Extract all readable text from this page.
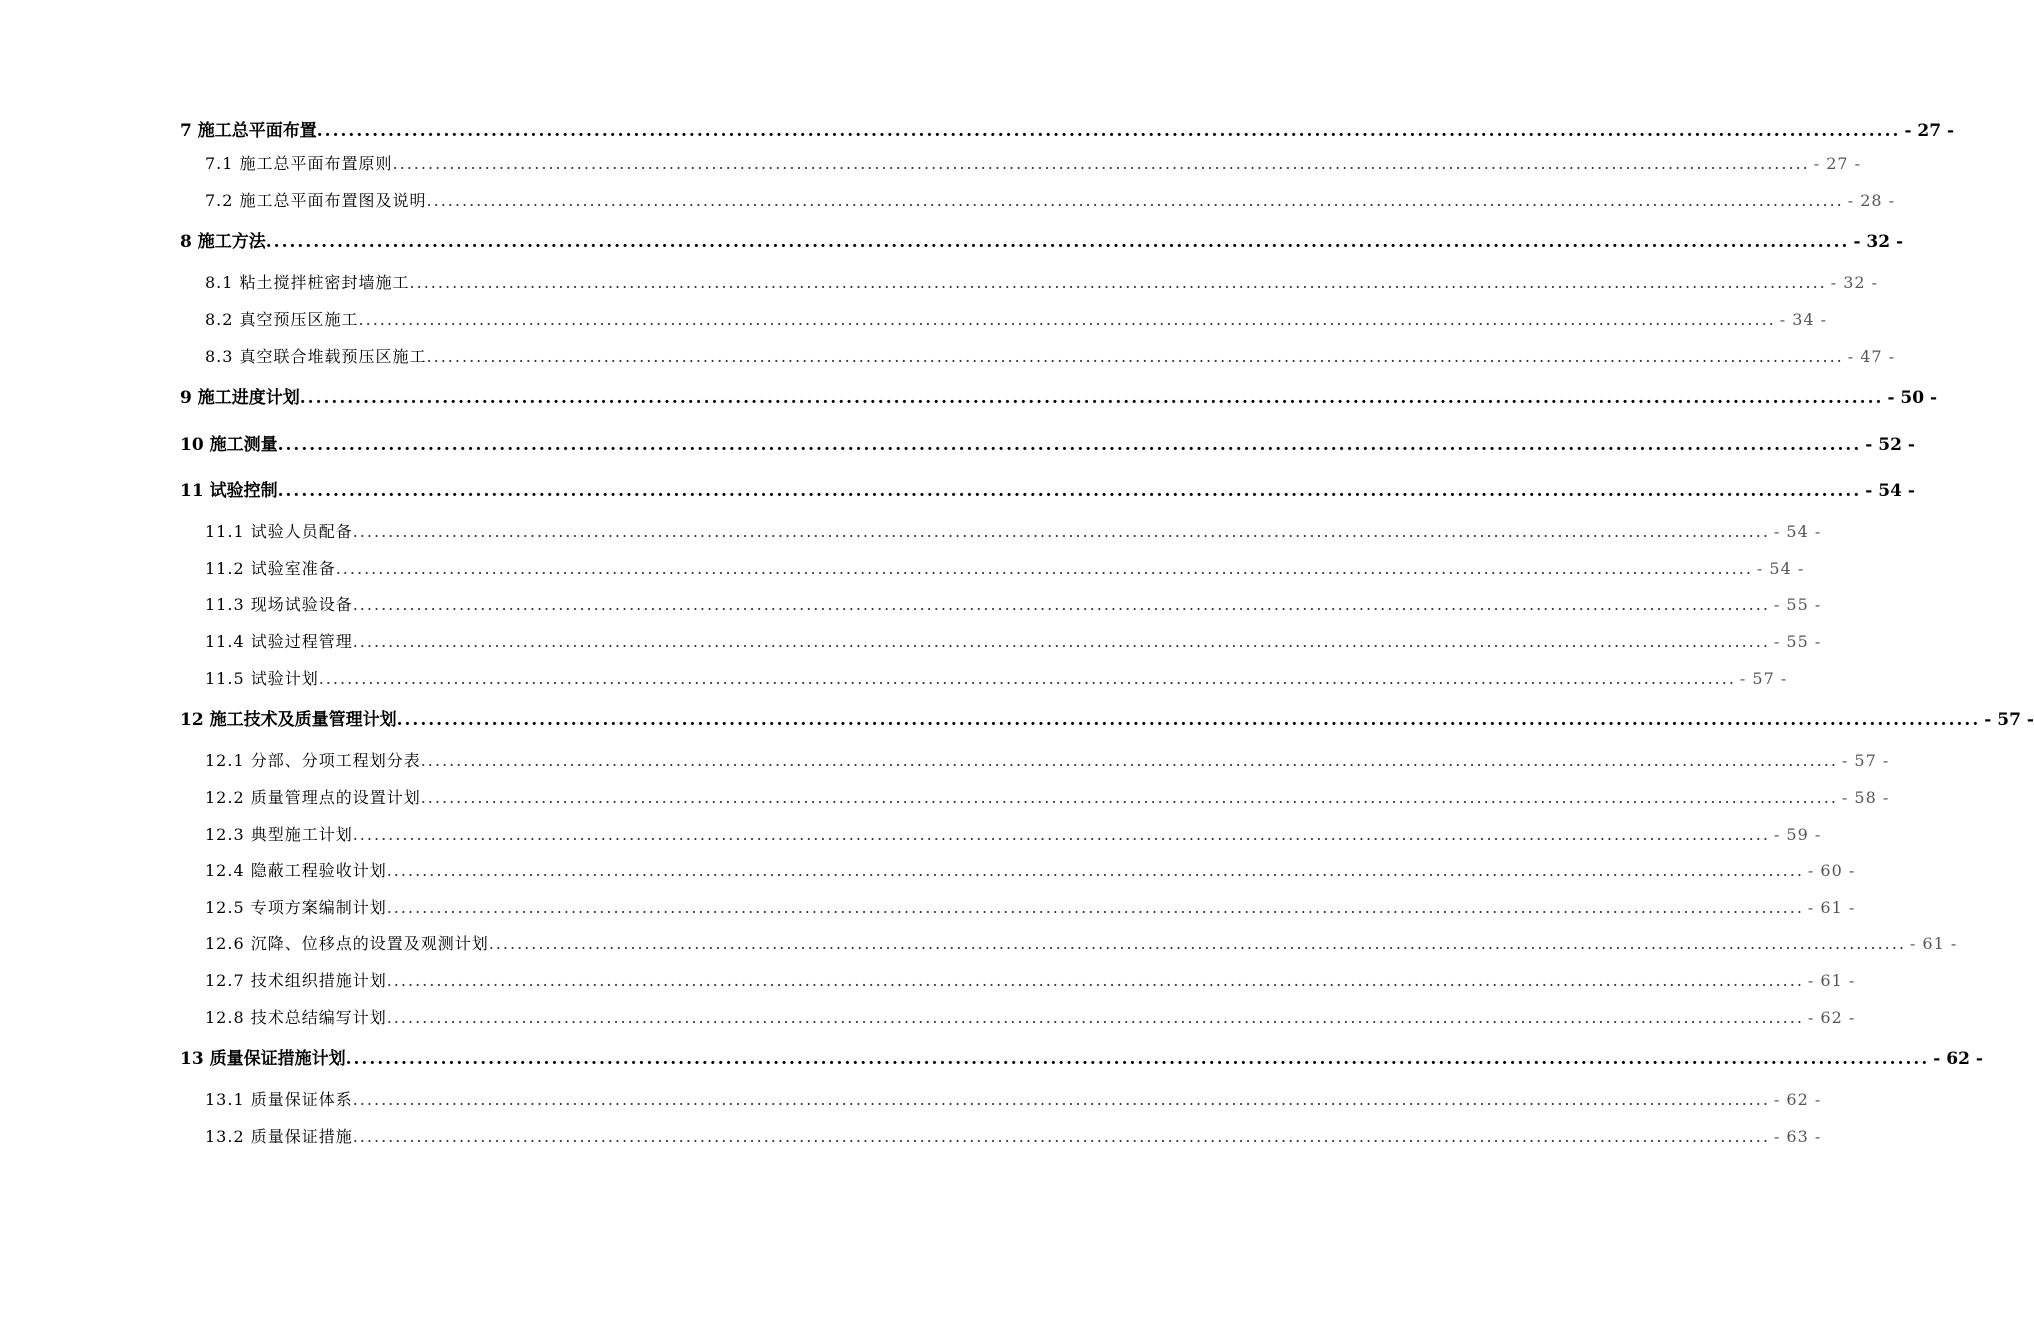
7 施工总平面布置 ........................................................................................................................................................................................................ - 27 -
7.1 施工总平面布置原则 ........................................................................................................................................................................................................ - 27 -
7.2 施工总平面布置图及说明 ........................................................................................................................................................................................................ - 28 -
8 施工方法 ........................................................................................................................................................................................................ - 32 -
8.1 粘土搅拌桩密封墙施工 ........................................................................................................................................................................................................ - 32 -
8.2 真空预压区施工 ........................................................................................................................................................................................................ - 34 -
8.3 真空联合堆载预压区施工 ........................................................................................................................................................................................................ - 47 -
9 施工进度计划 ........................................................................................................................................................................................................ - 50 -
10 施工测量 ........................................................................................................................................................................................................ - 52 -
11 试验控制 ........................................................................................................................................................................................................ - 54 -
11.1 试验人员配备 ........................................................................................................................................................................................................ - 54 -
11.2 试验室准备 ........................................................................................................................................................................................................ - 54 -
11.3 现场试验设备 ........................................................................................................................................................................................................ - 55 -
11.4 试验过程管理 ........................................................................................................................................................................................................ - 55 -
11.5 试验计划 ........................................................................................................................................................................................................ - 57 -
12 施工技术及质量管理计划 ........................................................................................................................................................................................................ - 57 -
12.1 分部、分项工程划分表 ........................................................................................................................................................................................................ - 57 -
12.2 质量管理点的设置计划 ........................................................................................................................................................................................................ - 58 -
12.3 典型施工计划 ........................................................................................................................................................................................................ - 59 -
12.4 隐蔽工程验收计划 ........................................................................................................................................................................................................ - 60 -
12.5 专项方案编制计划 ........................................................................................................................................................................................................ - 61 -
12.6 沉降、位移点的设置及观测计划 ........................................................................................................................................................................................................ - 61 -
12.7 技术组织措施计划 ........................................................................................................................................................................................................ - 61 -
12.8 技术总结编写计划 ........................................................................................................................................................................................................ - 62 -
13 质量保证措施计划 ........................................................................................................................................................................................................ - 62 -
13.1 质量保证体系 ........................................................................................................................................................................................................ - 62 -
13.2 质量保证措施 ........................................................................................................................................................................................................ - 63 -
